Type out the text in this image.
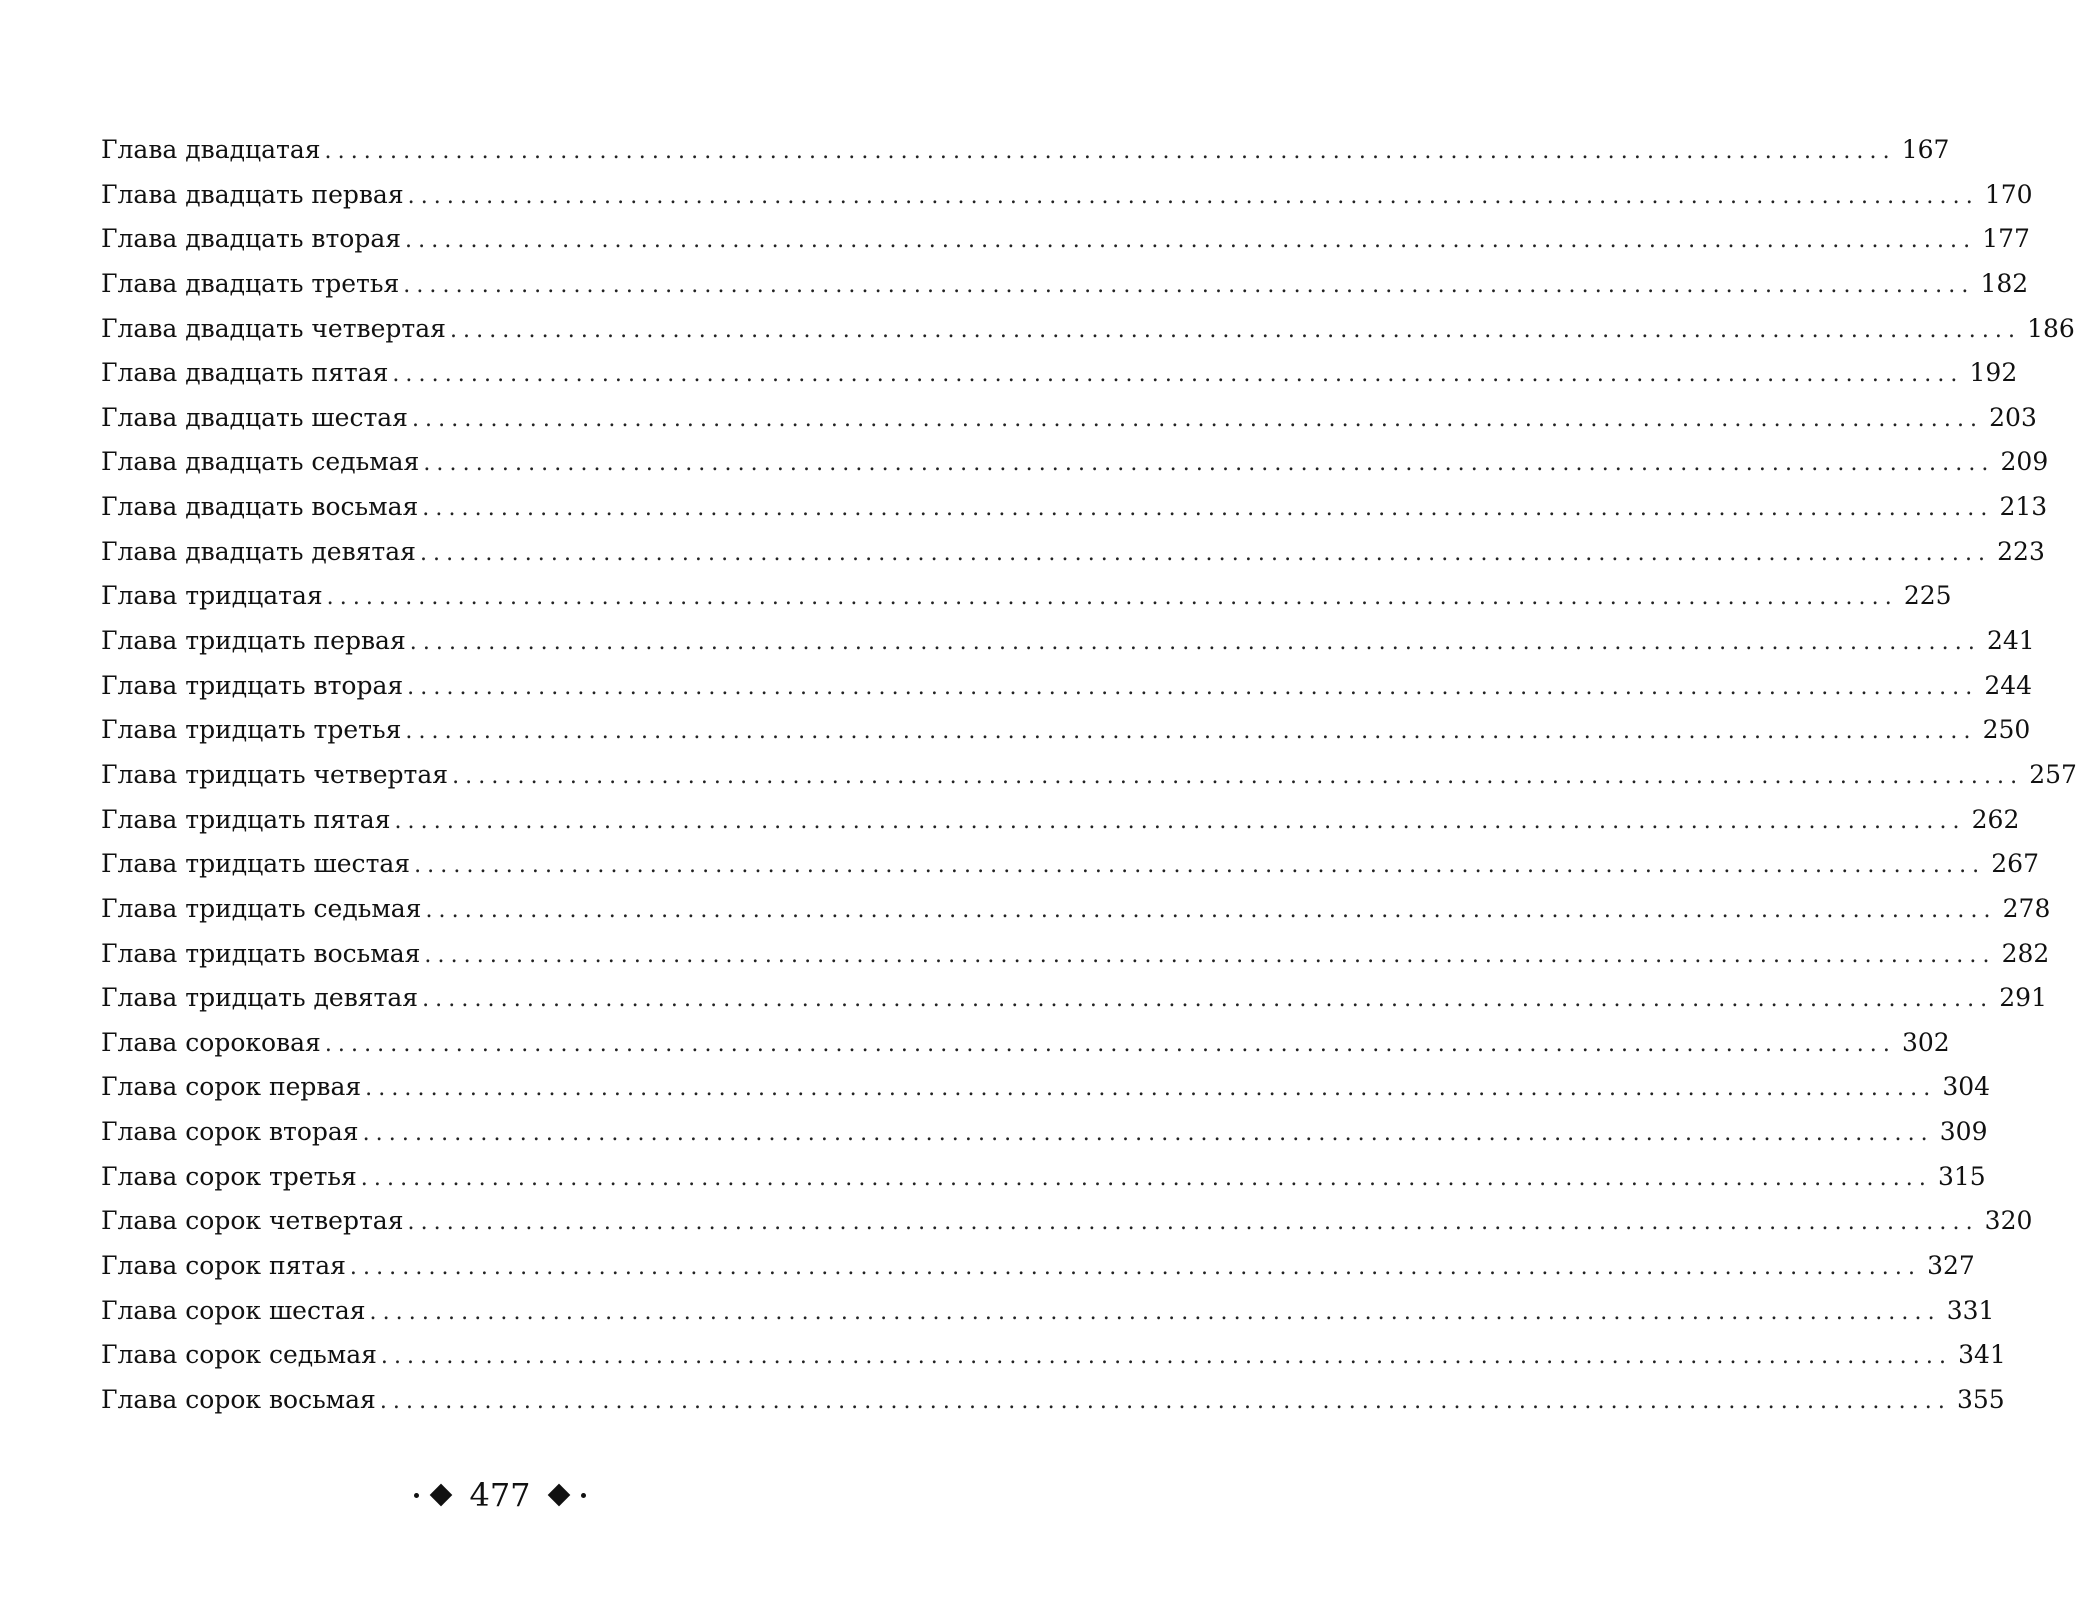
Глава двадцатая ........................................................................................................................ 167
Глава двадцать первая ........................................................................................................................ 170
Глава двадцать вторая ........................................................................................................................ 177
Глава двадцать третья ........................................................................................................................ 182
Глава двадцать четвертая ........................................................................................................................ 186
Глава двадцать пятая ........................................................................................................................ 192
Глава двадцать шестая ........................................................................................................................ 203
Глава двадцать седьмая ........................................................................................................................ 209
Глава двадцать восьмая ........................................................................................................................ 213
Глава двадцать девятая ........................................................................................................................ 223
Глава тридцатая ........................................................................................................................ 225
Глава тридцать первая ........................................................................................................................ 241
Глава тридцать вторая ........................................................................................................................ 244
Глава тридцать третья ........................................................................................................................ 250
Глава тридцать четвертая ........................................................................................................................ 257
Глава тридцать пятая ........................................................................................................................ 262
Глава тридцать шестая ........................................................................................................................ 267
Глава тридцать седьмая ........................................................................................................................ 278
Глава тридцать восьмая ........................................................................................................................ 282
Глава тридцать девятая ........................................................................................................................ 291
Глава сороковая ........................................................................................................................ 302
Глава сорок первая ........................................................................................................................ 304
Глава сорок вторая ........................................................................................................................ 309
Глава сорок третья ........................................................................................................................ 315
Глава сорок четвертая ........................................................................................................................ 320
Глава сорок пятая ........................................................................................................................ 327
Глава сорок шестая ........................................................................................................................ 331
Глава сорок седьмая ........................................................................................................................ 341
Глава сорок восьмая ........................................................................................................................ 355
477
